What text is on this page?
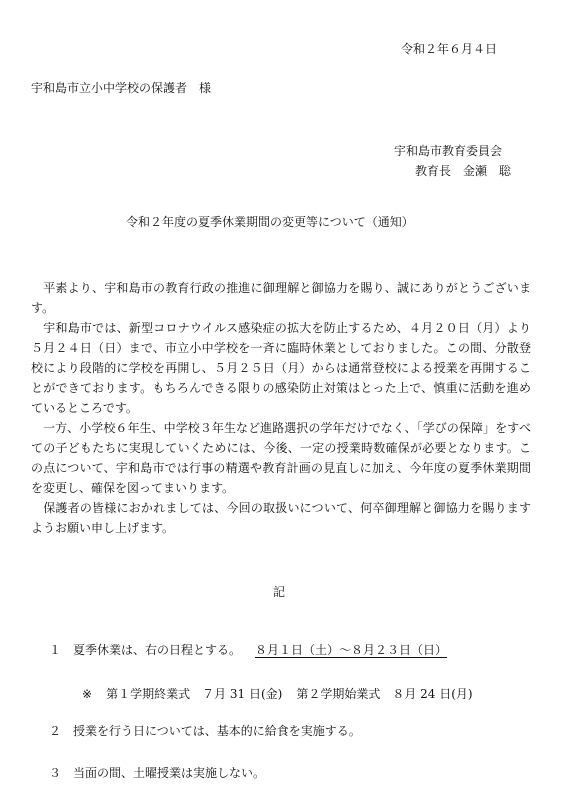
令和２年６月４日
宇和島市立小中学校の保護者　様
宇和島市教育委員会
教育長　金瀬　聡
令和２年度の夏季休業期間の変更等について（通知）

　平素より、宇和島市の教育行政の推進に御理解と御協力を賜り、誠にありがとうございます。

　宇和島市では、新型コロナウイルス感染症の拡大を防止するため、４月２０日（月）より５月２４日（日）まで、市立小中学校を一斉に臨時休業としておりました。この間、分散登校により段階的に学校を再開し、５月２５日（月）からは通常登校による授業を再開することができております。もちろんできる限りの感染防止対策はとった上で、慎重に活動を進めているところです。

　一方、小学校６年生、中学校３年生など進路選択の学年だけでなく、「学びの保障」をすべての子どもたちに実現していくためには、今後、一定の授業時数確保が必要となります。この点について、宇和島市では行事の精選や教育計画の見直しに加え、今年度の夏季休業期間を変更し、確保を図ってまいります。

　保護者の皆様におかれましては、今回の取扱いについて、何卒御理解と御協力を賜りますようお願い申し上げます。

記
１　夏季休業は、右の日程とする。 ８月１日（土）～８月２３日（日）
※ 第１学期終業式　７月 31 日(金) 第２学期始業式　８月 24 日(月)
２　授業を行う日については、基本的に給食を実施する。
３　当面の間、土曜授業は実施しない。
